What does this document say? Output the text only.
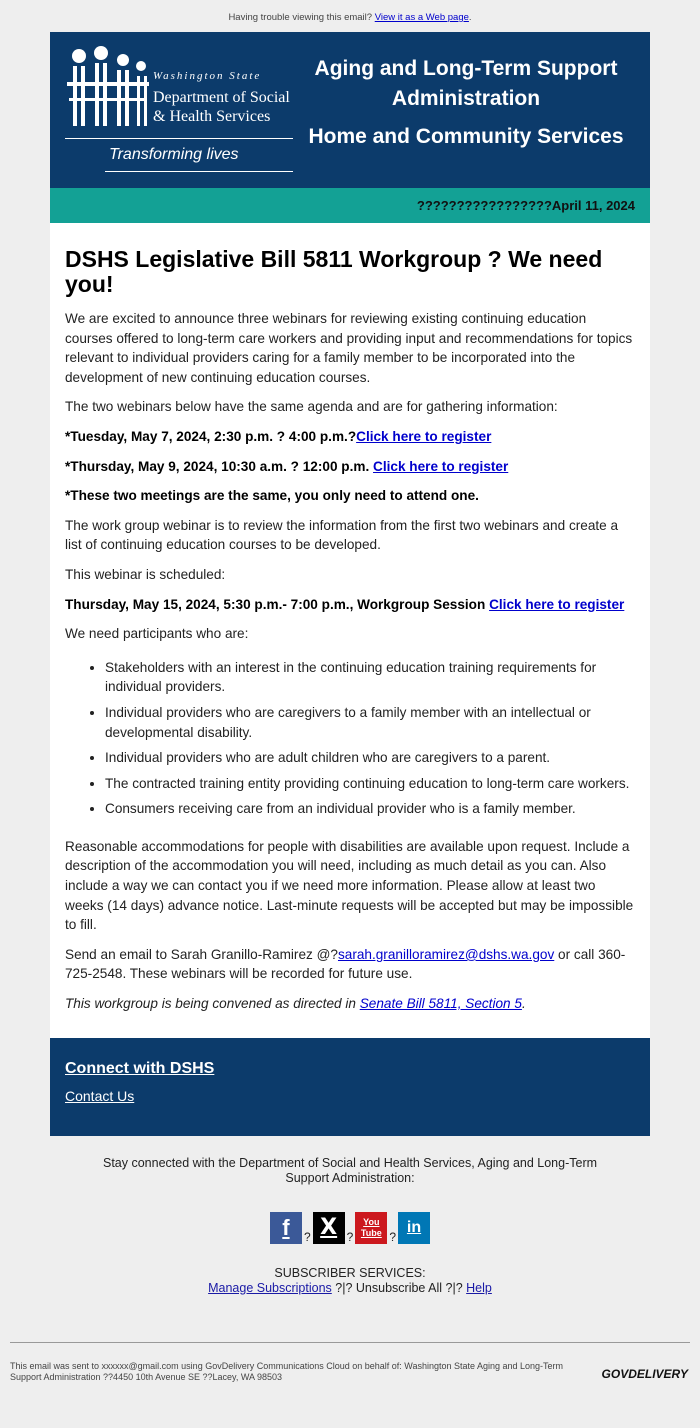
Having trouble viewing this email? View it as a Web page.
Washington State
Department of Social
& Health Services
Transforming lives
Aging and Long-Term Support Administration
Home and Community Services
?????????????????April 11, 2024
DSHS Legislative Bill 5811 Workgroup ? We need you!

We are excited to announce three webinars for reviewing existing continuing education courses offered to long-term care workers and providing input and recommendations for topics relevant to individual providers caring for a family member to be incorporated into the development of new continuing education courses.

The two webinars below have the same agenda and are for gathering information:

*Tuesday, May 7, 2024, 2:30 p.m. ? 4:00 p.m.?Click here to register

*Thursday, May 9, 2024, 10:30 a.m. ? 12:00 p.m. Click here to register

*These two meetings are the same, you only need to attend one.

The work group webinar is to review the information from the first two webinars and create a list of continuing education courses to be developed.

This webinar is scheduled:

Thursday, May 15, 2024, 5:30 p.m.- 7:00 p.m., Workgroup Session Click here to register

We need participants who are:

• Stakeholders with an interest in the continuing education training requirements for individual providers.
• Individual providers who are caregivers to a family member with an intellectual or developmental disability.
• Individual providers who are adult children who are caregivers to a parent.
• The contracted training entity providing continuing education to long-term care workers.
• Consumers receiving care from an individual provider who is a family member.

Reasonable accommodations for people with disabilities are available upon request. Include a description of the accommodation you will need, including as much detail as you can. Also include a way we can contact you if we need more information. Please allow at least two weeks (14 days) advance notice. Last-minute requests will be accepted but may be impossible to fill.

Send an email to Sarah Granillo-Ramirez @?sarah.granilloramirez@dshs.wa.gov or call 360-725-2548. These webinars will be recorded for future use.

This workgroup is being convened as directed in Senate Bill 5811, Section 5.

Connect with DSHS
Contact Us
Stay connected with the Department of Social and Health Services, Aging and Long-Term Support Administration:
f ? X ?You Tube ?in
SUBSCRIBER SERVICES:
Manage Subscriptions ?|? Unsubscribe All ?|? Help
This email was sent to xxxxxx@gmail.com using GovDelivery Communications Cloud on behalf of: Washington State Aging and Long-Term Support Administration ??4450 10th Avenue SE ??Lacey, WA 98503	GOVDELIVERY
